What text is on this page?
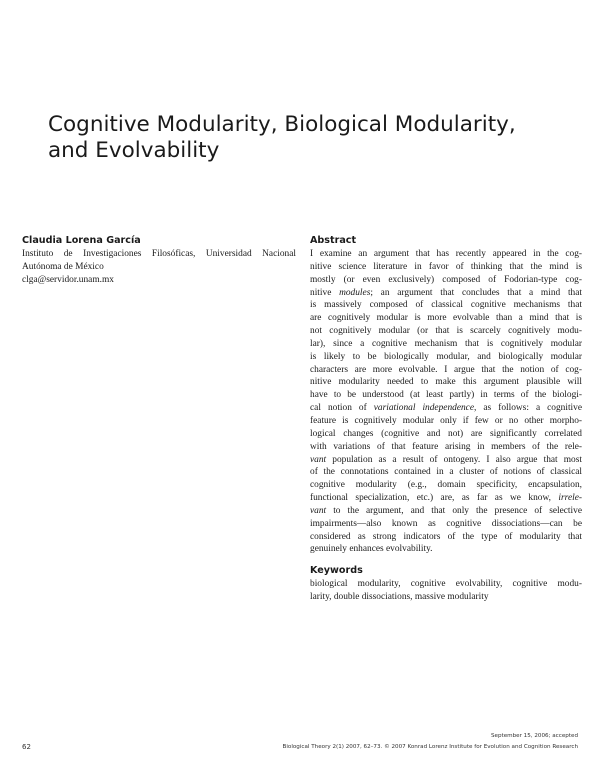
Cognitive Modularity, Biological Modularity,
and Evolvability
Claudia Lorena García
Instituto de Investigaciones Filosóficas, Universidad Nacional
Autónoma de México
clga@servidor.unam.mx
Abstract
I examine an argument that has recently appeared in the cog-
nitive science literature in favor of thinking that the mind is
mostly (or even exclusively) composed of Fodorian-type cog-
nitive modules; an argument that concludes that a mind that
is massively composed of classical cognitive mechanisms that
are cognitively modular is more evolvable than a mind that is
not cognitively modular (or that is scarcely cognitively modu-
lar), since a cognitive mechanism that is cognitively modular
is likely to be biologically modular, and biologically modular
characters are more evolvable. I argue that the notion of cog-
nitive modularity needed to make this argument plausible will
have to be understood (at least partly) in terms of the biologi-
cal notion of variational independence, as follows: a cognitive
feature is cognitively modular only if few or no other morpho-
logical changes (cognitive and not) are significantly correlated
with variations of that feature arising in members of the rele-
vant population as a result of ontogeny. I also argue that most
of the connotations contained in a cluster of notions of classical
cognitive modularity (e.g., domain specificity, encapsulation,
functional specialization, etc.) are, as far as we know, irrele-
vant to the argument, and that only the presence of selective
impairments—also known as cognitive dissociations—can be
considered as strong indicators of the type of modularity that
genuinely enhances evolvability.
Keywords
biological modularity, cognitive evolvability, cognitive modu-
larity, double dissociations, massive modularity
September 15, 2006; accepted
62	Biological Theory 2(1) 2007, 62–73. © 2007 Konrad Lorenz Institute for Evolution and Cognition Research
